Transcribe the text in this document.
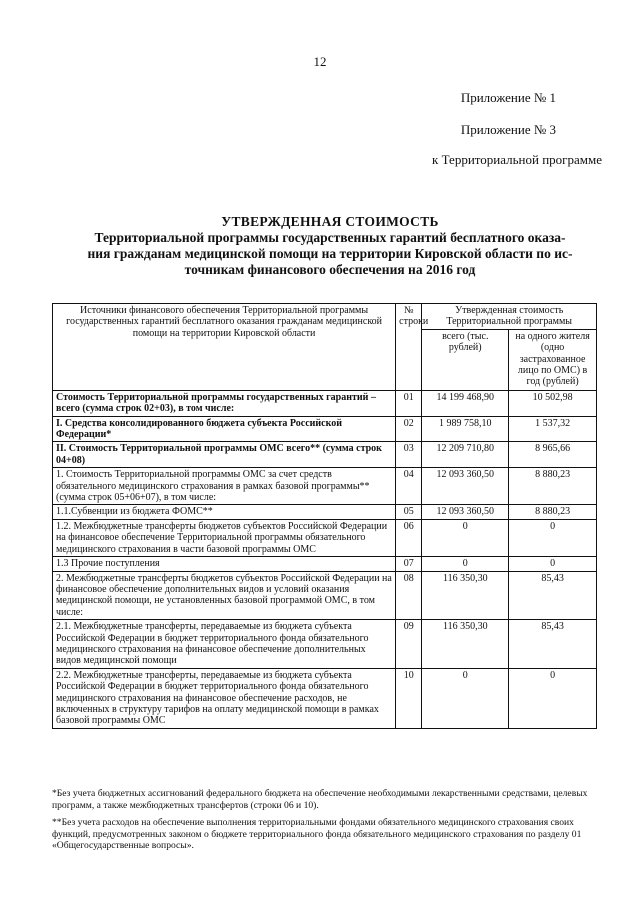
12
Приложение № 1
Приложение № 3
к Территориальной программе
УТВЕРЖДЕННАЯ СТОИМОСТЬ
Территориальной программы государственных гарантий бесплатного оказа-
ния гражданам медицинской помощи на территории Кировской области по ис-
точникам финансового обеспечения на 2016 год
Источники финансового обеспечения Территориальной программы государственных гарантий бесплатного оказания гражданам медицинской помощи на территории Кировской области	№ строки	Утвержденная стоимость Территориальной программы	
		всего (тыс. рублей)	на одного жителя (одно застрахованное лицо по ОМС) в год (рублей)
Стоимость Территориальной программы государственных гарантий – всего (сумма строк 02+03), в том числе:	01	14 199 468,90	10 502,98
I. Средства консолидированного бюджета субъекта Российской Федерации*	02	1 989 758,10	1 537,32
II. Стоимость Территориальной программы ОМС всего** (сумма строк 04+08)	03	12 209 710,80	8 965,66
1. Стоимость Территориальной программы ОМС за счет средств обязательного медицинского страхования в рамках базовой программы** (сумма строк 05+06+07), в том числе:	04	12 093 360,50	8 880,23
1.1.Субвенции из бюджета ФОМС**	05	12 093 360,50	8 880,23
1.2. Межбюджетные трансферты бюджетов субъектов Российской Федерации на финансовое обеспечение Территориальной программы обязательного медицинского страхования в части базовой программы ОМС	06	0	0
1.3 Прочие поступления	07	0	0
2. Межбюджетные трансферты бюджетов субъектов Российской Федерации на финансовое обеспечение дополнительных видов и условий оказания медицинской помощи, не установленных базовой программой ОМС, в том числе:	08	116 350,30	85,43
2.1. Межбюджетные трансферты, передаваемые из бюджета субъекта Российской Федерации в бюджет территориального фонда обязательного медицинского страхования на финансовое обеспечение дополнительных видов медицинской помощи	09	116 350,30	85,43
2.2. Межбюджетные трансферты, передаваемые из бюджета субъекта Российской Федерации в бюджет территориального фонда обязательного медицинского страхования на финансовое обеспечение расходов, не включенных в структуру тарифов на оплату медицинской помощи в рамках базовой программы ОМС	10	0	0
*Без учета бюджетных ассигнований федерального бюджета на обеспечение необходимыми лекарственными средствами, целевых программ, а также межбюджетных трансфертов (строки 06 и 10).
**Без учета расходов на обеспечение выполнения территориальными фондами обязательного медицинского страхования своих функций, предусмотренных законом о бюджете территориального фонда обязательного медицинского страхования по разделу 01 «Общегосударственные вопросы».
